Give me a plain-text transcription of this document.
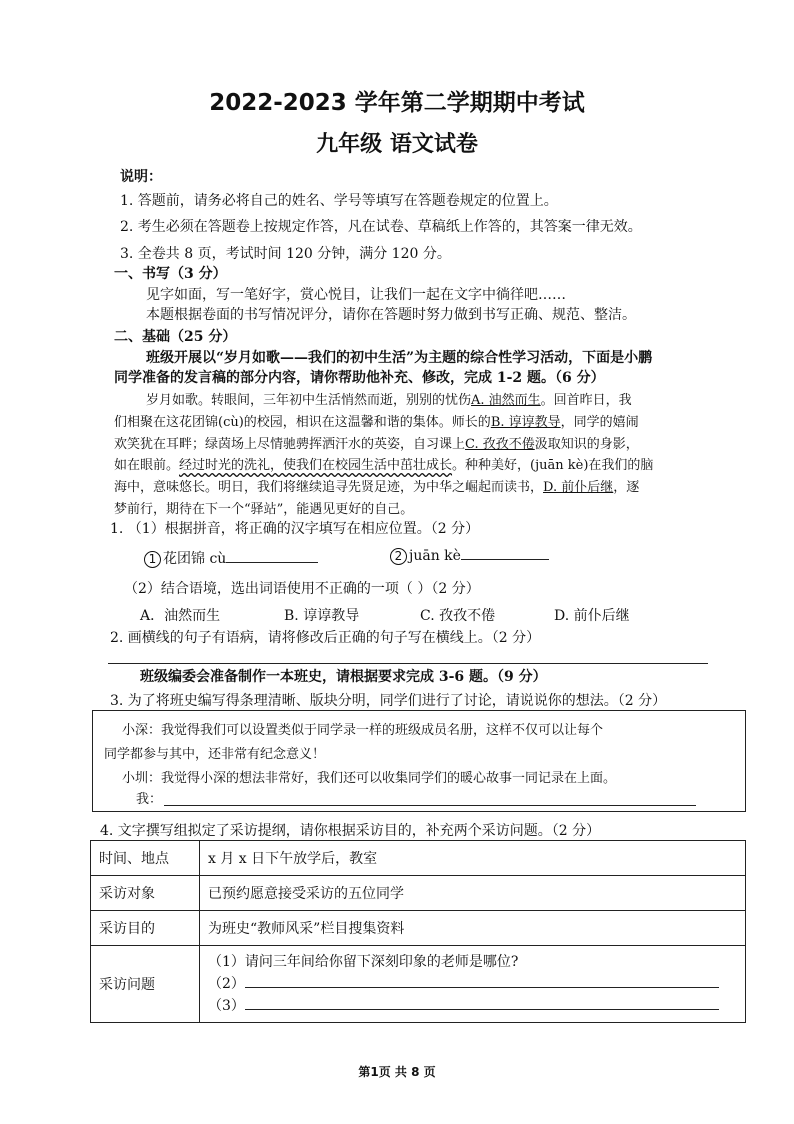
2022-2023 学年第二学期期中考试
九年级 语文试卷
说明：
1. 答题前，请务必将自己的姓名、学号等填写在答题卷规定的位置上。
2. 考生必须在答题卷上按规定作答，凡在试卷、草稿纸上作答的，其答案一律无效。
3. 全卷共 8 页，考试时间 120 分钟，满分 120 分。
一、书写（3 分）
见字如面，写一笔好字，赏心悦目，让我们一起在文字中徜徉吧……
本题根据卷面的书写情况评分，请你在答题时努力做到书写正确、规范、整洁。
二、基础（25 分）
班级开展以“岁月如歌——我们的初中生活”为主题的综合性学习活动，下面是小鹏
同学准备的发言稿的部分内容，请你帮助他补充、修改，完成 1-2 题。（6 分）
岁月如歌。转眼间，三年初中生活悄然而逝，别别的忧伤A. 油然而生。回首昨日，我
们相聚在这花团锦(cù)的校园，相识在这温馨和谐的集体。师长的B. 谆谆教导，同学的嬉闹
欢笑犹在耳畔；绿茵场上尽情驰骋挥洒汗水的英姿，自习课上C. 孜孜不倦汲取知识的身影，
如在眼前。经过时光的洗礼，使我们在校园生活中茁壮成长。种种美好，(juān kè)在我们的脑
海中，意味悠长。明日，我们将继续追寻先贤足迹，为中华之崛起而读书，D. 前仆后继，逐
梦前行，期待在下一个“驿站”，能遇见更好的自己。
1. （1）根据拼音，将正确的汉字填写在相应位置。（2 分）
1 花团锦 cù	2 juān kè
（2）结合语境，选出词语使用不正确的一项（ ）（2 分）
A．油然而生	B. 谆谆教导	C. 孜孜不倦	D. 前仆后继
2. 画横线的句子有语病，请将修改后正确的句子写在横线上。（2 分）
班级编委会准备制作一本班史，请根据要求完成 3-6 题。（9 分）
3. 为了将班史编写得条理清晰、版块分明，同学们进行了讨论，请说说你的想法。（2 分）
小深：我觉得我们可以设置类似于同学录一样的班级成员名册，这样不仅可以让每个
同学都参与其中，还非常有纪念意义！
小圳：我觉得小深的想法非常好，我们还可以收集同学们的暖心故事一同记录在上面。
我：
4. 文字撰写组拟定了采访提纲，请你根据采访目的，补充两个采访问题。（2 分）
时间、地点	x 月 x 日下午放学后，教室
采访对象	已预约愿意接受采访的五位同学
采访目的	为班史“教师风采”栏目搜集资料
采访问题	（1）请问三年间给你留下深刻印象的老师是哪位?
（2）
（3）
第1页 共 8 页
